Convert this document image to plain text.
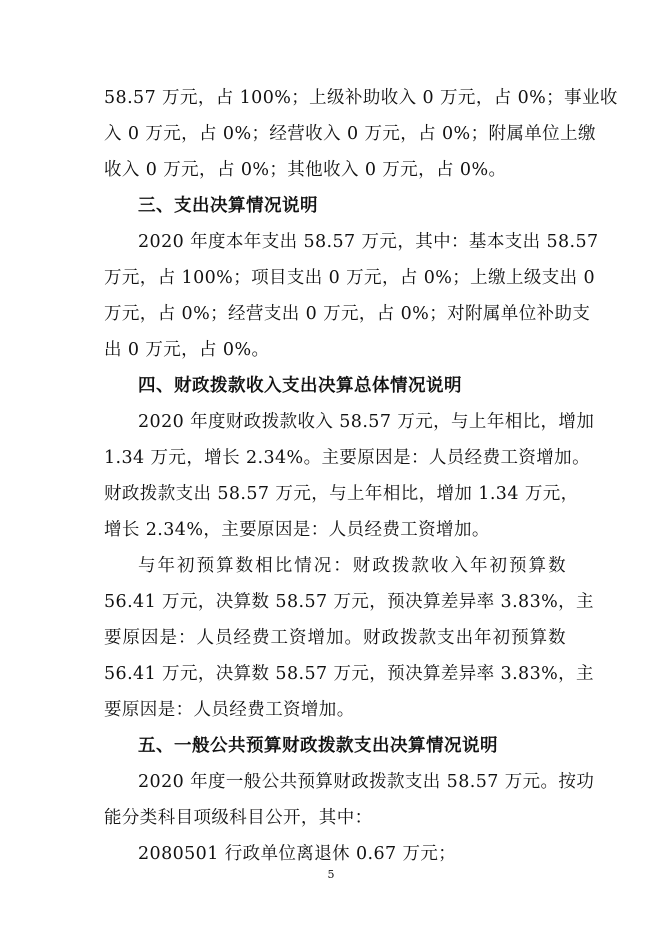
58.57 万元，占 100%；上级补助收入 0 万元，占 0%；事业收
入 0 万元，占 0%；经营收入 0 万元，占 0%；附属单位上缴
收入 0 万元，占 0%；其他收入 0 万元，占 0%。
三、支出决算情况说明
2020 年度本年支出 58.57 万元，其中：基本支出 58.57
万元，占 100%；项目支出 0 万元，占 0%；上缴上级支出 0
万元，占 0%；经营支出 0 万元，占 0%；对附属单位补助支
出 0 万元，占 0%。
四、财政拨款收入支出决算总体情况说明
2020 年度财政拨款收入 58.57 万元，与上年相比，增加
1.34 万元，增长 2.34%。主要原因是：人员经费工资增加。
财政拨款支出 58.57 万元，与上年相比，增加 1.34 万元，
增长 2.34%，主要原因是：人员经费工资增加。
与年初预算数相比情况：财政拨款收入年初预算数
56.41 万元，决算数 58.57 万元，预决算差异率 3.83%，主
要原因是：人员经费工资增加。财政拨款支出年初预算数
56.41 万元，决算数 58.57 万元，预决算差异率 3.83%，主
要原因是：人员经费工资增加。
五、一般公共预算财政拨款支出决算情况说明
2020 年度一般公共预算财政拨款支出 58.57 万元。按功
能分类科目项级科目公开，其中：
2080501 行政单位离退休 0.67 万元；
5
